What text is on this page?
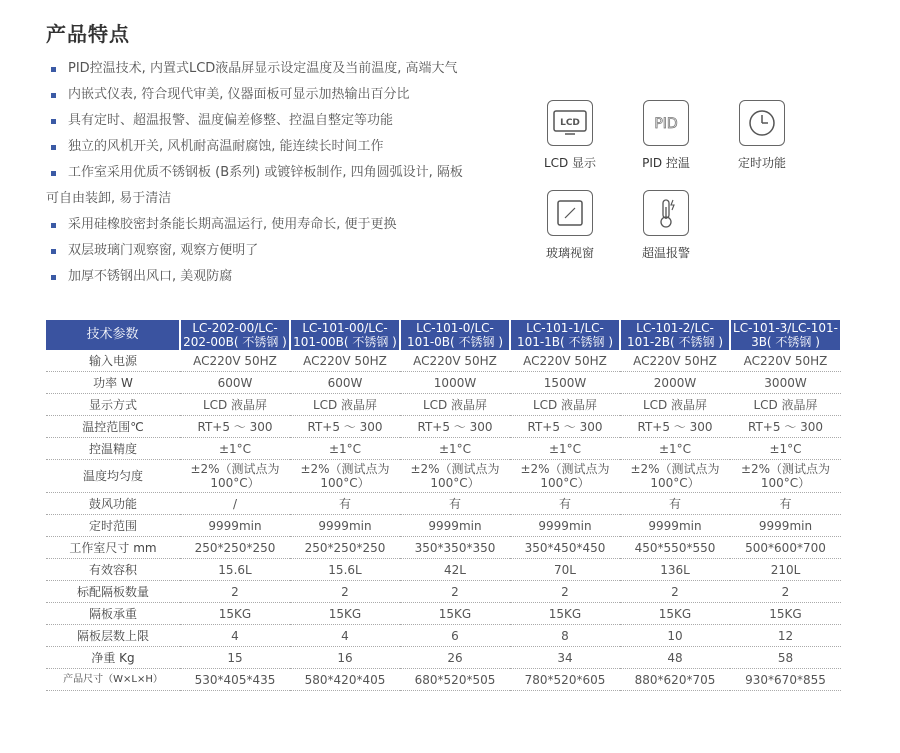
产品特点
PID控温技术, 内置式LCD液晶屏显示设定温度及当前温度, 高端大气
内嵌式仪表, 符合现代审美, 仪器面板可显示加热输出百分比
具有定时、超温报警、温度偏差修整、控温自整定等功能
独立的风机开关, 风机耐高温耐腐蚀, 能连续长时间工作
工作室采用优质不锈钢板 (B系列) 或镀锌板制作, 四角圆弧设计, 隔板
可自由装卸, 易于清洁
采用硅橡胶密封条能长期高温运行, 使用寿命长, 便于更换
双层玻璃门观察窗, 观察方便明了
加厚不锈钢出风口, 美观防腐
LCD
LCD 显示
PID
PID 控温	定时功能
玻璃视窗	超温报警
技术参数	LC-202-00/LC-202-00B( 不锈钢 )	LC-101-00/LC-101-00B( 不锈钢 )	LC-101-0/LC-101-0B( 不锈钢 )	LC-101-1/LC-101-1B( 不锈钢 )	LC-101-2/LC-101-2B( 不锈钢 )	LC-101-3/LC-101-3B( 不锈钢 )
输入电源	AC220V 50HZ	AC220V 50HZ	AC220V 50HZ	AC220V 50HZ	AC220V 50HZ	AC220V 50HZ
功率 W	600W	600W	1000W	1500W	2000W	3000W
显示方式	LCD 液晶屏	LCD 液晶屏	LCD 液晶屏	LCD 液晶屏	LCD 液晶屏	LCD 液晶屏
温控范围℃	RT+5 ～ 300	RT+5 ～ 300	RT+5 ～ 300	RT+5 ～ 300	RT+5 ～ 300	RT+5 ～ 300
控温精度	±1°C	±1°C	±1°C	±1°C	±1°C	±1°C
温度均匀度	±2%（测试点为100°C）	±2%（测试点为100°C）	±2%（测试点为100°C）	±2%（测试点为100°C）	±2%（测试点为100°C）	±2%（测试点为100°C）
鼓风功能	/	有	有	有	有	有
定时范围	9999min	9999min	9999min	9999min	9999min	9999min
工作室尺寸 mm	250*250*250	250*250*250	350*350*350	350*450*450	450*550*550	500*600*700
有效容积	15.6L	15.6L	42L	70L	136L	210L
标配隔板数量	2	2	2	2	2	2
隔板承重	15KG	15KG	15KG	15KG	15KG	15KG
隔板层数上限	4	4	6	8	10	12
净重 Kg	15	16	26	34	48	58
产品尺寸（W×L×H）	530*405*435	580*420*405	680*520*505	780*520*605	880*620*705	930*670*855
